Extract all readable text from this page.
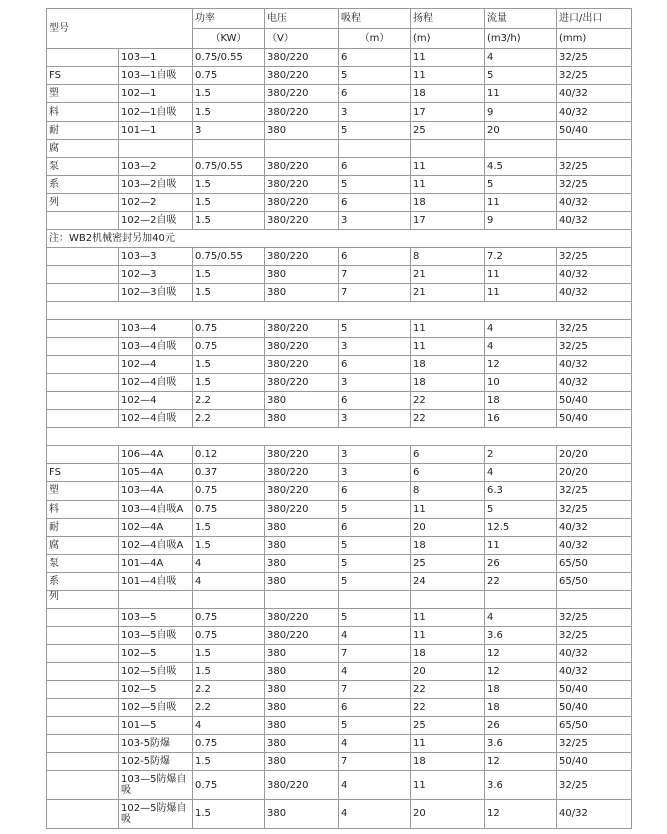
型号		功率	电压	吸程	扬程	流量	进口/出口
		（KW）	（V）	（m）	(m)	(m3/h)	(mm)
	103—1	0.75/0.55	380/220	6	11	4	32/25
FS	103—1自吸	0.75	380/220	5	11	5	32/25
塑	102—1	1.5	380/220	6	18	11	40/32
料	102—1自吸	1.5	380/220	3	17	9	40/32
耐	101—1	3	380	5	25	20	50/40
腐							
泵	103—2	0.75/0.55	380/220	6	11	4.5	32/25
系	103—2自吸	1.5	380/220	5	11	5	32/25
列	102—2	1.5	380/220	6	18	11	40/32
	102—2自吸	1.5	380/220	3	17	9	40/32
注：WB2机械密封另加40元							
	103—3	0.75/0.55	380/220	6	8	7.2	32/25
	102—3	1.5	380	7	21	11	40/32
	102—3自吸	1.5	380	7	21	11	40/32

	103—4	0.75	380/220	5	11	4	32/25
	103—4自吸	0.75	380/220	3	11	4	32/25
	102—4	1.5	380/220	6	18	12	40/32
	102—4自吸	1.5	380/220	3	18	10	40/32
	102—4	2.2	380	6	22	18	50/40
	102—4自吸	2.2	380	3	22	16	50/40

	106—4A	0.12	380/220	3	6	2	20/20
FS	105—4A	0.37	380/220	3	6	4	20/20
塑	103—4A	0.75	380/220	6	8	6.3	32/25
料	103—4自吸A	0.75	380/220	5	11	5	32/25
耐	102—4A	1.5	380	6	20	12.5	40/32
腐	102—4自吸A	1.5	380	5	18	11	40/32
泵	101—4A	4	380	5	25	26	65/50
系	101—4自吸	4	380	5	24	22	65/50
列							
	103—5	0.75	380/220	5	11	4	32/25
	103—5自吸	0.75	380/220	4	11	3.6	32/25
	102—5	1.5	380	7	18	12	40/32
	102—5自吸	1.5	380	4	20	12	40/32
	102—5	2.2	380	7	22	18	50/40
	102—5自吸	2.2	380	6	22	18	50/40
	101—5	4	380	5	25	26	65/50
	103-5防爆	0.75	380	4	11	3.6	32/25
	102-5防爆	1.5	380	7	18	12	50/40
	103—5防爆自吸	0.75	380/220	4	11	3.6	32/25
	102—5防爆自吸	1.5	380	4	20	12	40/32
